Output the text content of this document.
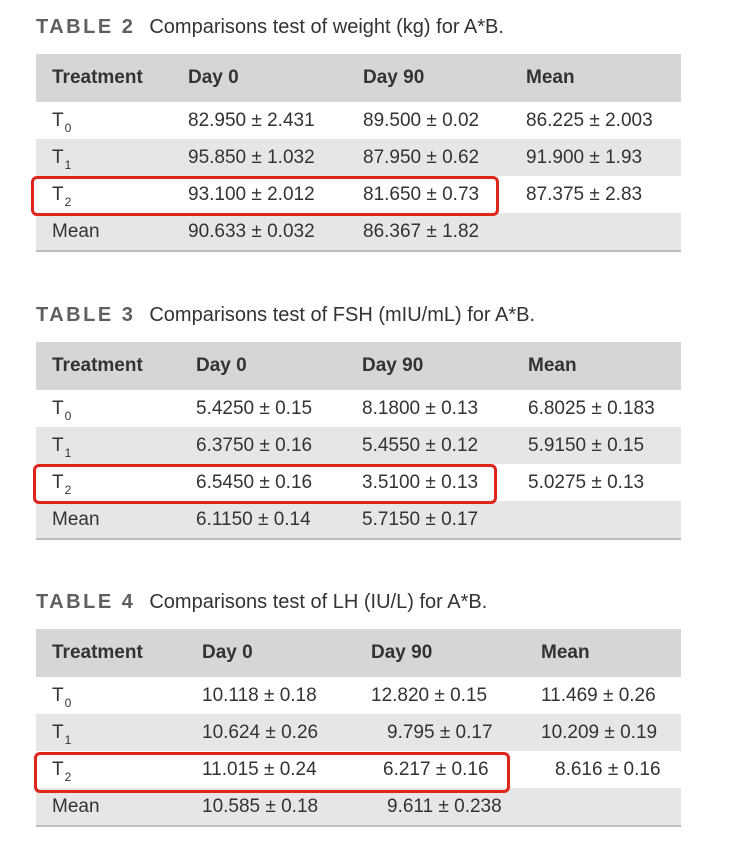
TABLE 2 Comparisons test of weight (kg) for A*B.
Treatment	Day 0	Day 90	Mean
$T_0$	82.950 ± 2.431	89.500 ± 0.02	86.225 ± 2.003
$T_1$	95.850 ± 1.032	87.950 ± 0.62	91.900 ± 1.93
$T_2$	93.100 ± 2.012	81.650 ± 0.73	87.375 ± 2.83
Mean	90.633 ± 0.032	86.367 ± 1.82	
TABLE 3 Comparisons test of FSH (mIU/mL) for A*B.
Treatment	Day 0	Day 90	Mean
$T_0$	5.4250 ± 0.15	8.1800 ± 0.13	6.8025 ± 0.183
$T_1$	6.3750 ± 0.16	5.4550 ± 0.12	5.9150 ± 0.15
$T_2$	6.5450 ± 0.16	3.5100 ± 0.13	5.0275 ± 0.13
Mean	6.1150 ± 0.14	5.7150 ± 0.17	
TABLE 4 Comparisons test of LH (IU/L) for A*B.
Treatment	Day 0	Day 90	Mean
$T_0$	10.118 ± 0.18	12.820 ± 0.15	11.469 ± 0.26
$T_1$	10.624 ± 0.26	9.795 ± 0.17	10.209 ± 0.19
$T_2$	11.015 ± 0.24	6.217 ± 0.16	8.616 ± 0.16
Mean	10.585 ± 0.18	9.611 ± 0.238	
